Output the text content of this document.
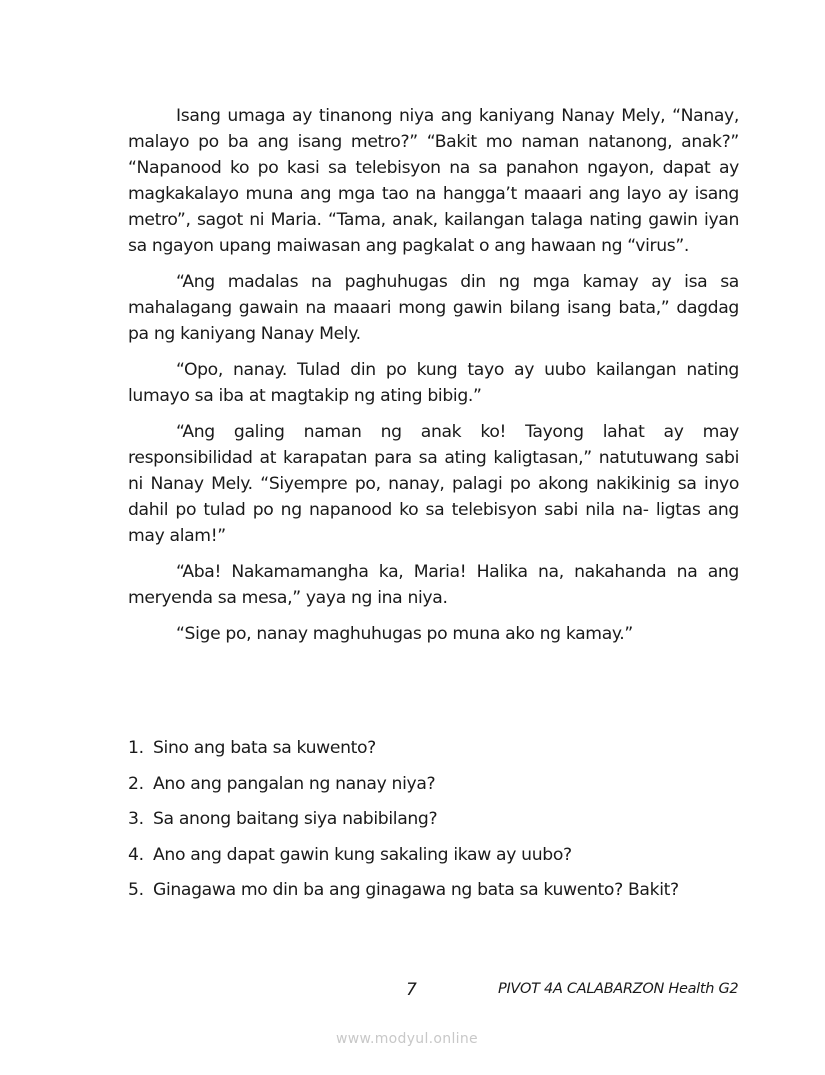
Isang umaga ay tinanong niya ang kaniyang Nanay Mely, “Nanay, malayo po ba ang isang metro?” “Bakit mo naman natanong, anak?” “Napanood ko po kasi sa telebisyon na sa panahon ngayon, dapat ay magkakalayo muna ang mga tao na hangga’t maaari ang layo ay isang metro”, sagot ni Maria. “Tama, anak, kailangan talaga nating gawin iyan sa ngayon upang maiwasan ang pagkalat o ang hawaan ng “virus”.

“Ang madalas na paghuhugas din ng mga kamay ay isa sa mahalagang gawain na maaari mong gawin bilang isang bata,” dagdag pa ng kaniyang Nanay Mely.

“Opo, nanay. Tulad din po kung tayo ay uubo kailangan nating lumayo sa iba at magtakip ng ating bibig.”

“Ang galing naman ng anak ko! Tayong lahat ay may responsibilidad at karapatan para sa ating kaligtasan,” natutuwang sabi ni Nanay Mely. “Siyempre po, nanay, palagi po akong nakikinig sa inyo dahil po tulad po ng napanood ko sa telebisyon sabi nila na- ligtas ang may alam!”

“Aba! Nakamamangha ka, Maria! Halika na, nakahanda na ang meryenda sa mesa,” yaya ng ina niya.

“Sige po, nanay maghuhugas po muna ako ng kamay.”

1. Sino ang bata sa kuwento?
2. Ano ang pangalan ng nanay niya?
3. Sa anong baitang siya nabibilang?
4. Ano ang dapat gawin kung sakaling ikaw ay uubo?
5. Ginagawa mo din ba ang ginagawa ng bata sa kuwento? Bakit?
7	PIVOT 4A CALABARZON Health G2
www.modyul.online
